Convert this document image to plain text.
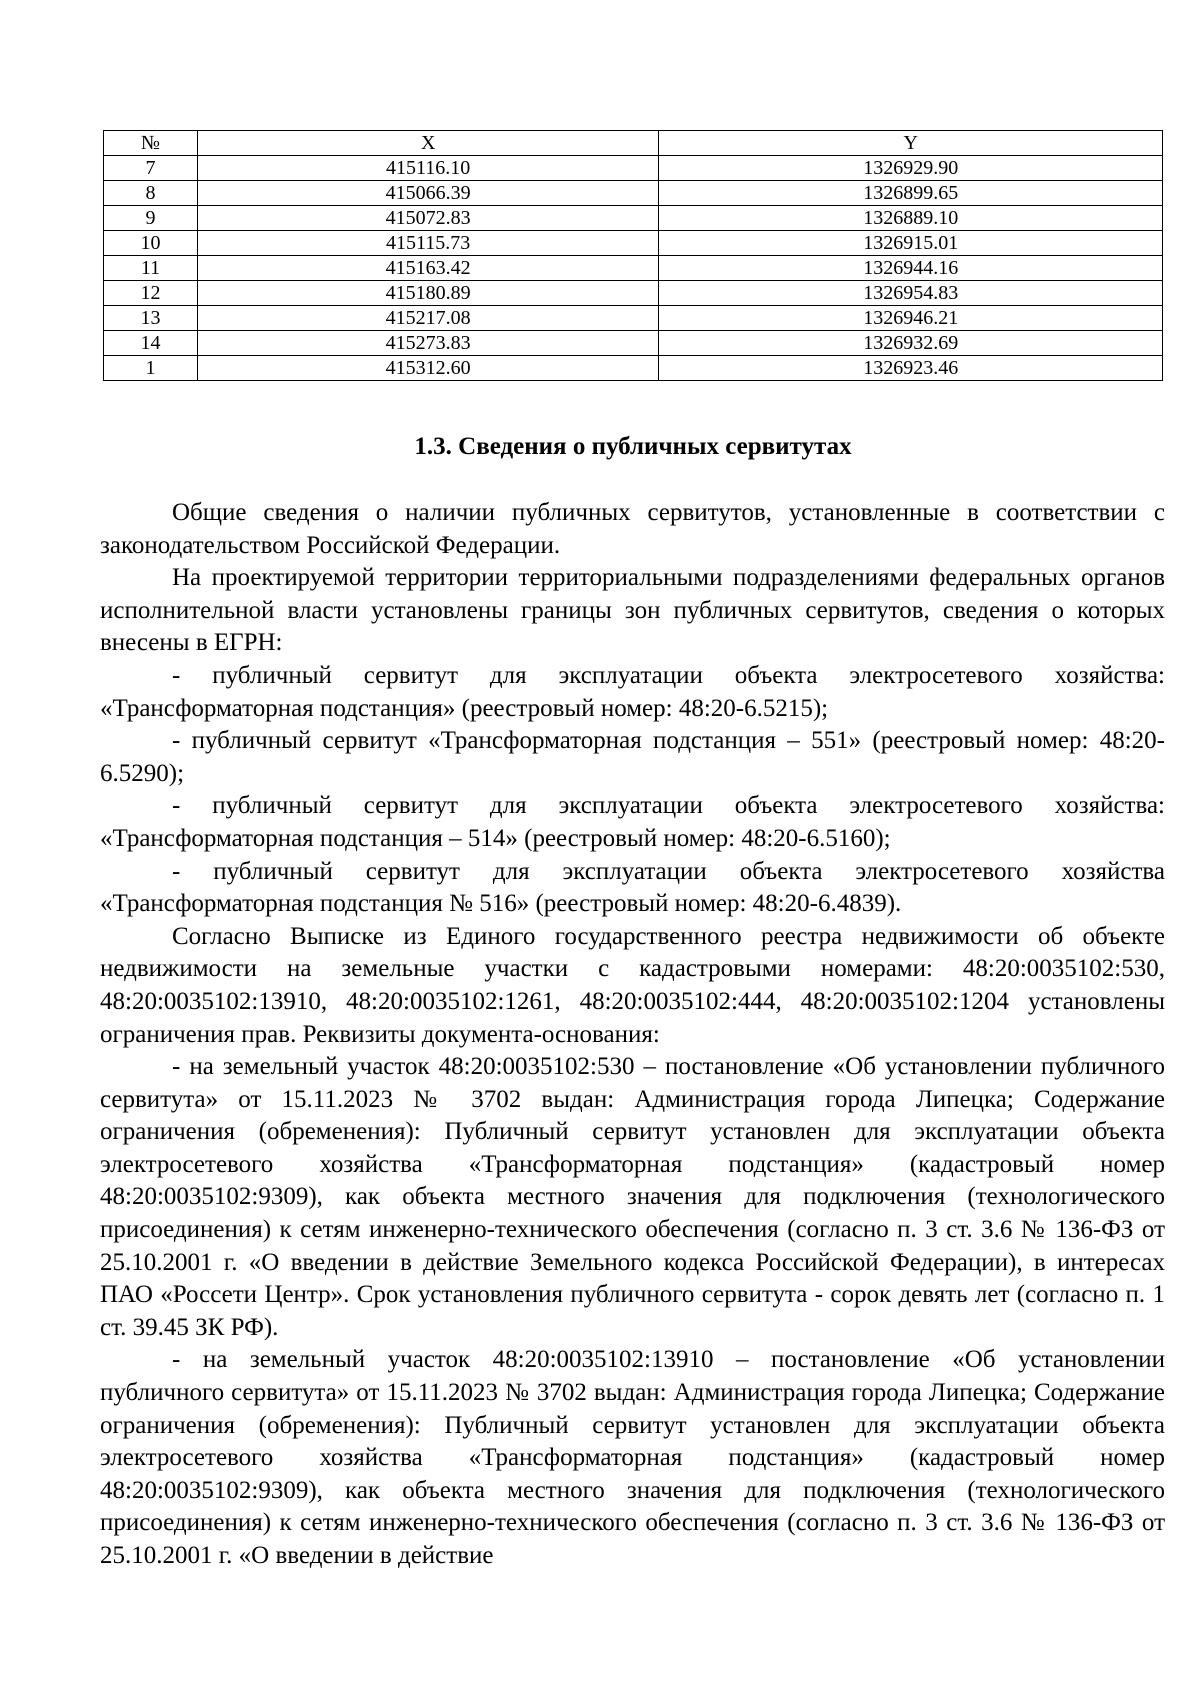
№	X	Y
7	415116.10	1326929.90
8	415066.39	1326899.65
9	415072.83	1326889.10
10	415115.73	1326915.01
11	415163.42	1326944.16
12	415180.89	1326954.83
13	415217.08	1326946.21
14	415273.83	1326932.69
1	415312.60	1326923.46
1.3. Сведения о публичных сервитутах

Общие сведения о наличии публичных сервитутов, установленные в соответствии с законодательством Российской Федерации.

На проектируемой территории территориальными подразделениями федеральных органов исполнительной власти установлены границы зон публичных сервитутов, сведения о которых внесены в ЕГРН:

- публичный сервитут для эксплуатации объекта электросетевого хозяйства: «Трансформаторная подстанция» (реестровый номер: 48:20-6.5215);

- публичный сервитут «Трансформаторная подстанция – 551» (реестровый номер: 48:20-6.5290);

- публичный сервитут для эксплуатации объекта электросетевого хозяйства: «Трансформаторная подстанция – 514» (реестровый номер: 48:20-6.5160);

- публичный сервитут для эксплуатации объекта электросетевого хозяйства «Трансформаторная подстанция № 516» (реестровый номер: 48:20-6.4839).

Согласно Выписке из Единого государственного реестра недвижимости об объекте недвижимости на земельные участки с кадастровыми номерами: 48:20:0035102:530, 48:20:0035102:13910, 48:20:0035102:1261, 48:20:0035102:444, 48:20:0035102:1204 установлены ограничения прав. Реквизиты документа-основания:

- на земельный участок 48:20:0035102:530 – постановление «Об установлении публичного сервитута» от 15.11.2023 № 3702 выдан: Администрация города Липецка; Содержание ограничения (обременения): Публичный сервитут установлен для эксплуатации объекта электросетевого хозяйства «Трансформаторная подстанция» (кадастровый номер 48:20:0035102:9309), как объекта местного значения для подключения (технологического присоединения) к сетям инженерно-технического обеспечения (согласно п. 3 ст. 3.6 № 136-ФЗ от 25.10.2001 г. «О введении в действие Земельного кодекса Российской Федерации), в интересах ПАО «Россети Центр». Срок установления публичного сервитута - сорок девять лет (согласно п. 1 ст. 39.45 ЗК РФ).

- на земельный участок 48:20:0035102:13910 – постановление «Об установлении публичного сервитута» от 15.11.2023 № 3702 выдан: Администрация города Липецка; Содержание ограничения (обременения): Публичный сервитут установлен для эксплуатации объекта электросетевого хозяйства «Трансформаторная подстанция» (кадастровый номер 48:20:0035102:9309), как объекта местного значения для подключения (технологического присоединения) к сетям инженерно-технического обеспечения (согласно п. 3 ст. 3.6 № 136-ФЗ от 25.10.2001 г. «О введении в действие
